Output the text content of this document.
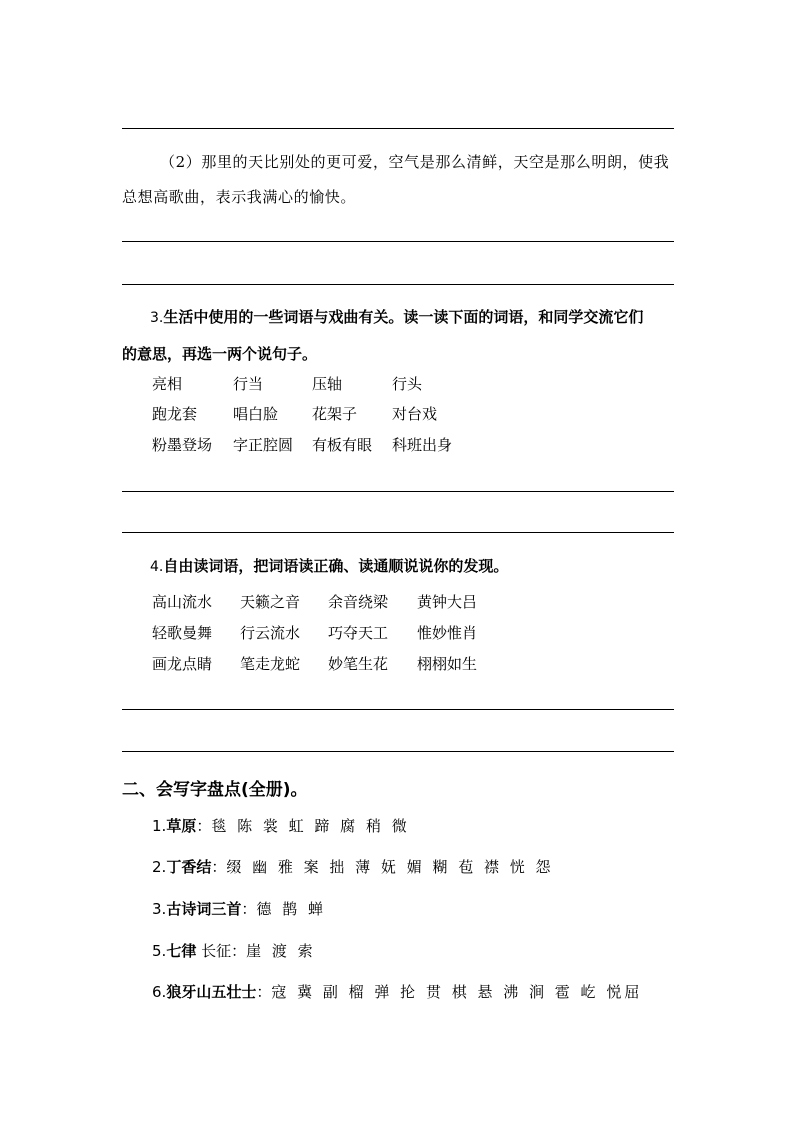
（2）那里的天比别处的更可爱，空气是那么清鲜，天空是那么明朗，使我
总想高歌曲，表示我满心的愉快。
3.生活中使用的一些词语与戏曲有关。读一读下面的词语，和同学交流它们
的意思，再选一两个说句子。
亮相	行当	压轴	行头
跑龙套 唱白脸 花架子 对台戏
粉墨登场 字正腔圆 有板有眼 科班出身
4.自由读词语，把词语读正确、读通顺说说你的发现。
高山流水 天籁之音 余音绕梁 黄钟大吕
轻歌曼舞 行云流水 巧夺天工 惟妙惟肖
画龙点睛 笔走龙蛇 妙笔生花 栩栩如生
二、会写字盘点(全册)。
1.草原：毯 陈 裳 虹 蹄 腐 稍 微
2.丁香结：缀 幽 雅 案 拙 薄 妩 媚 糊 苞 襟 恍 怨
3.古诗词三首：德 鹊 蝉
5.七律 长征：崖 渡 索
6.狼牙山五壮士：寇 冀 副 榴 弹 抡 贯 棋 悬 沸 涧 雹 屹 悦屈
